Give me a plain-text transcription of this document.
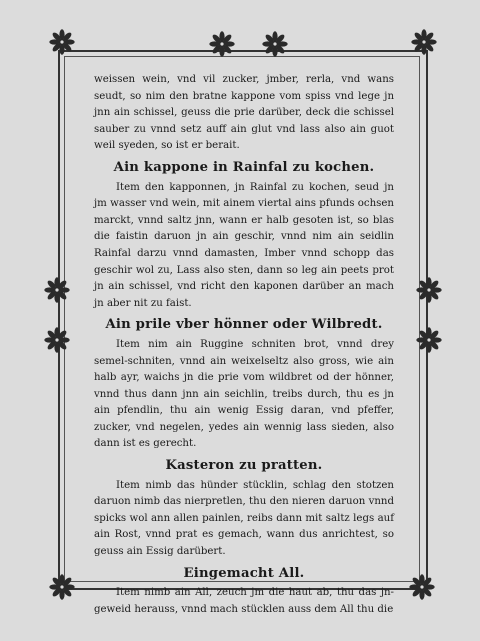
weissen wein, vnd vil zucker, jmber, rerla, vnd wans seudt, so nim den bratne kappone vom spiss vnd lege jn jnn ain schissel, geuss die prie darüber, deck die schissel sauber zu vnnd setz auff ain glut vnd lass also ain guot weil syeden, so ist er berait.

Ain kappone in Rainfal zu kochen.

Item den kapponnen, jn Rainfal zu kochen, seud jn jm wasser vnd wein, mit ainem viertal ains pfunds ochsen marckt, vnnd saltz jnn, wann er halb gesoten ist, so blas die faistin daruon jn ain geschir, vnnd nim ain seidlin Rainfal darzu vnnd damasten, Imber vnnd schopp das geschir wol zu, Lass also sten, dann so leg ain peets prot jn ain schissel, vnd richt den kaponen darüber an mach jn aber nit zu faist.

Ain prile vber hönner oder Wilbredt.

Item nim ain Ruggine schniten brot, vnnd drey semel-schniten, vnnd ain weixelseltz also gross, wie ain halb ayr, waichs jn die prie vom wildbret od der hönner, vnnd thus dann jnn ain seichlin, treibs durch, thu es jn ain pfendlin, thu ain wenig Essig daran, vnd pfeffer, zucker, vnd negelen, yedes ain wennig lass sieden, also dann ist es gerecht.

Kasteron zu pratten.

Item nimb das hünder stücklin, schlag den stotzen daruon nimb das nierpretlen, thu den nieren daruon vnnd spicks wol ann allen painlen, reibs dann mit saltz legs auf ain Rost, vnnd prat es gemach, wann dus anrichtest, so geuss ain Essig darübert.

Eingemacht All.

Item nimb ain All, zeuch jm die haut ab, thu das jn-geweid herauss, vnnd mach stücklen auss dem All thu die
